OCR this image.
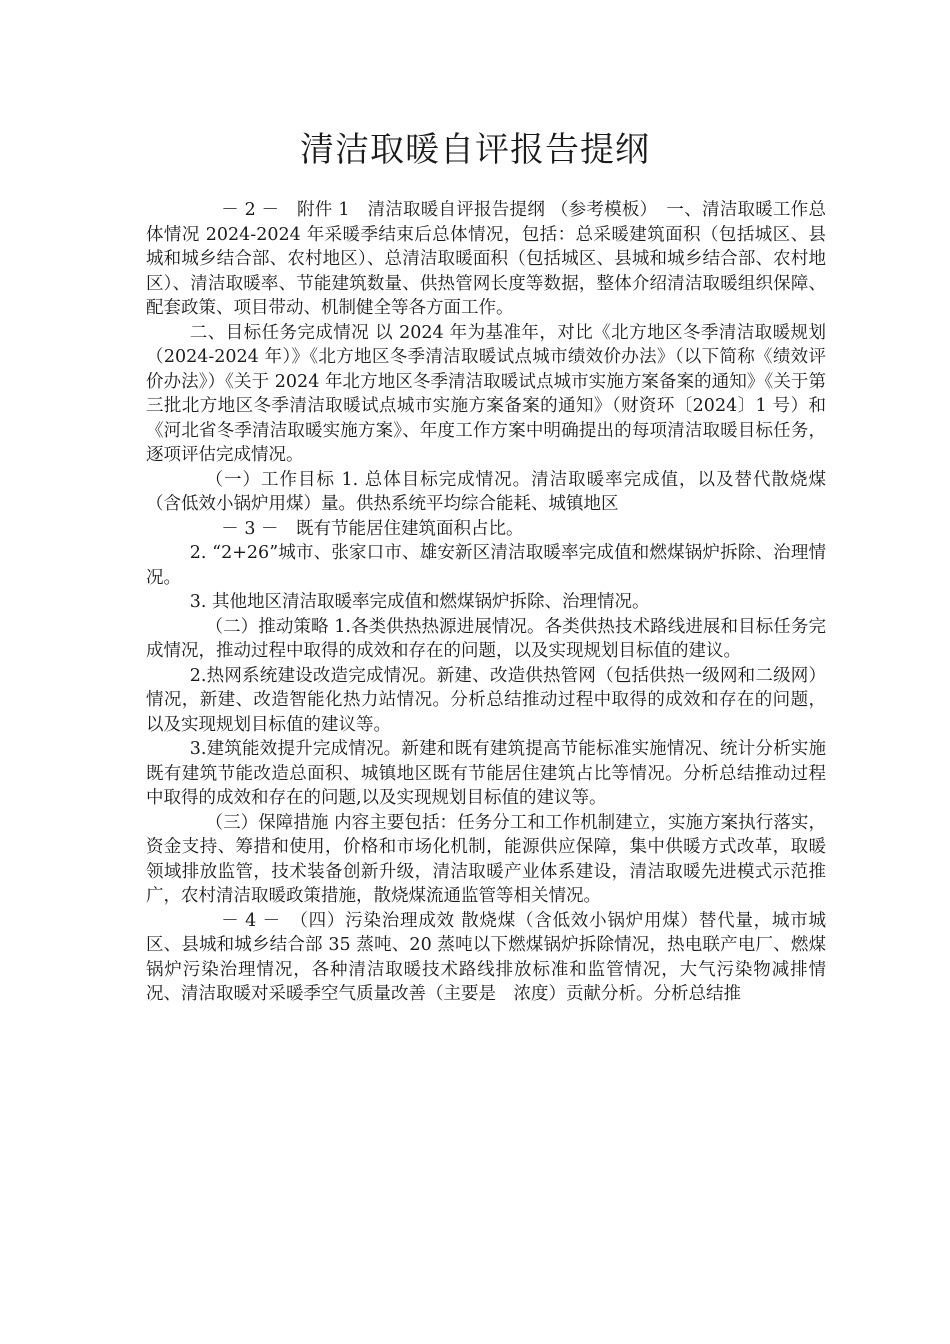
清洁取暖自评报告提纲

－ 2 －　附件 1　清洁取暖自评报告提纲 （参考模板）　一、清洁取暖工作总体情况 2024-2024 年采暖季结束后总体情况，包括：总采暖建筑面积（包括城区、县城和城乡结合部、农村地区）、总清洁取暖面积（包括城区、县城和城乡结合部、农村地区）、清洁取暖率、节能建筑数量、供热管网长度等数据，整体介绍清洁取暖组织保障、配套政策、项目带动、机制健全等各方面工作。

二、目标任务完成情况 以 2024 年为基准年，对比《北方地区冬季清洁取暖规划（2024-2024 年）》《北方地区冬季清洁取暖试点城市绩效价办法》（以下简称《绩效评价办法》）《关于 2024 年北方地区冬季清洁取暖试点城市实施方案备案的通知》《关于第三批北方地区冬季清洁取暖试点城市实施方案备案的通知》（财资环〔2024〕1 号）和《河北省冬季清洁取暖实施方案》、年度工作方案中明确提出的每项清洁取暖目标任务，逐项评估完成情况。

（一）工作目标 1. 总体目标完成情况。清洁取暖率完成值，以及替代散烧煤（含低效小锅炉用煤）量。供热系统平均综合能耗、城镇地区

－ 3 －　既有节能居住建筑面积占比。

2. “2+26”城市、张家口市、雄安新区清洁取暖率完成值和燃煤锅炉拆除、治理情况。

3. 其他地区清洁取暖率完成值和燃煤锅炉拆除、治理情况。

（二）推动策略 1.各类供热热源进展情况。各类供热技术路线进展和目标任务完成情况，推动过程中取得的成效和存在的问题，以及实现规划目标值的建议。

2.热网系统建设改造完成情况。新建、改造供热管网（包括供热一级网和二级网）情况，新建、改造智能化热力站情况。分析总结推动过程中取得的成效和存在的问题，以及实现规划目标值的建议等。

3.建筑能效提升完成情况。新建和既有建筑提高节能标准实施情况、统计分析实施既有建筑节能改造总面积、城镇地区既有节能居住建筑占比等情况。分析总结推动过程中取得的成效和存在的问题,以及实现规划目标值的建议等。

（三）保障措施 内容主要包括：任务分工和工作机制建立，实施方案执行落实，资金支持、筹措和使用，价格和市场化机制，能源供应保障，集中供暖方式改革，取暖领域排放监管，技术装备创新升级，清洁取暖产业体系建设，清洁取暖先进模式示范推广，农村清洁取暖政策措施，散烧煤流通监管等相关情况。

－ 4 －　（四）污染治理成效 散烧煤（含低效小锅炉用煤）替代量，城市城区、县城和城乡结合部 35 蒸吨、20 蒸吨以下燃煤锅炉拆除情况，热电联产电厂、燃煤锅炉污染治理情况，各种清洁取暖技术路线排放标准和监管情况，大气污染物减排情况、清洁取暖对采暖季空气质量改善（主要是　浓度）贡献分析。分析总结推
